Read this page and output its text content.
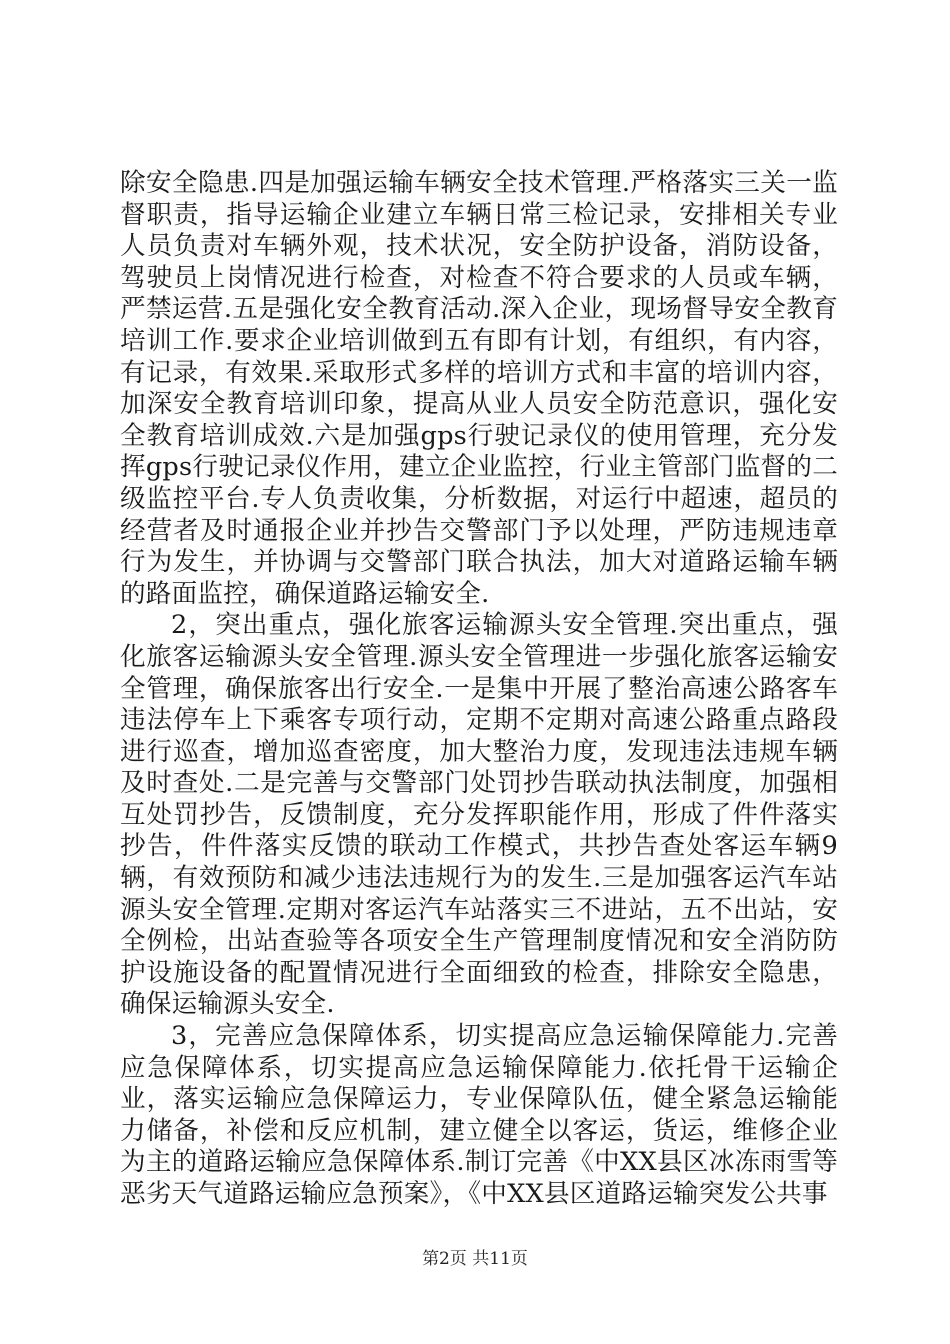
除安全隐患.四是加强运输车辆安全技术管理.严格落实三关一监督职责，指导运输企业建立车辆日常三检记录，安排相关专业人员负责对车辆外观，技术状况，安全防护设备，消防设备，驾驶员上岗情况进行检查，对检查不符合要求的人员或车辆，严禁运营.五是强化安全教育活动.深入企业，现场督导安全教育培训工作.要求企业培训做到五有即有计划，有组织，有内容，有记录，有效果.采取形式多样的培训方式和丰富的培训内容，加深安全教育培训印象，提高从业人员安全防范意识，强化安全教育培训成效.六是加强gps行驶记录仪的使用管理，充分发挥gps行驶记录仪作用，建立企业监控，行业主管部门监督的二级监控平台.专人负责收集，分析数据，对运行中超速，超员的经营者及时通报企业并抄告交警部门予以处理，严防违规违章行为发生，并协调与交警部门联合执法，加大对道路运输车辆的路面监控，确保道路运输安全.

2，突出重点，强化旅客运输源头安全管理.突出重点，强化旅客运输源头安全管理.源头安全管理进一步强化旅客运输安全管理，确保旅客出行安全.一是集中开展了整治高速公路客车违法停车上下乘客专项行动，定期不定期对高速公路重点路段进行巡查，增加巡查密度，加大整治力度，发现违法违规车辆及时查处.二是完善与交警部门处罚抄告联动执法制度，加强相互处罚抄告，反馈制度，充分发挥职能作用，形成了件件落实抄告，件件落实反馈的联动工作模式，共抄告查处客运车辆9辆，有效预防和减少违法违规行为的发生.三是加强客运汽车站源头安全管理.定期对客运汽车站落实三不进站，五不出站，安全例检，出站查验等各项安全生产管理制度情况和安全消防防护设施设备的配置情况进行全面细致的检查，排除安全隐患，确保运输源头安全.

3，完善应急保障体系，切实提高应急运输保障能力.完善应急保障体系，切实提高应急运输保障能力.依托骨干运输企业，落实运输应急保障运力，专业保障队伍，健全紧急运输能力储备，补偿和反应机制，建立健全以客运，货运，维修企业为主的道路运输应急保障体系.制订完善《中XX县区冰冻雨雪等恶劣天气道路运输应急预案》，《中XX县区道路运输突发公共事

第2页 共11页
